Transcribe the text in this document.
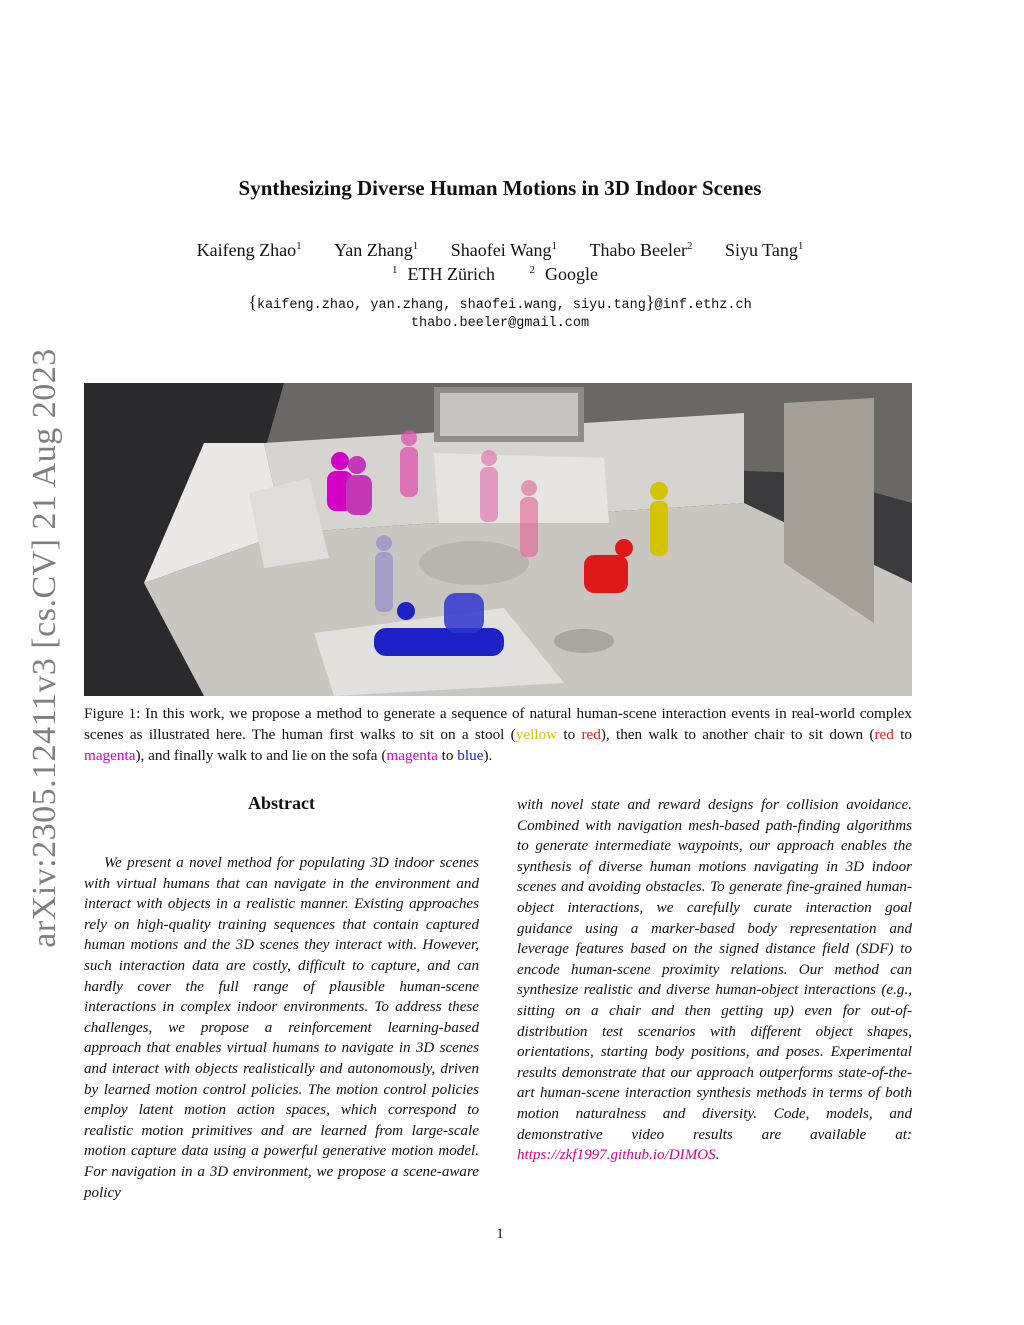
arXiv:2305.12411v3 [cs.CV] 21 Aug 2023
Synthesizing Diverse Human Motions in 3D Indoor Scenes
Kaifeng Zhao$^1$ Yan Zhang$^1$ Shaofei Wang$^1$ Thabo Beeler$^2$ Siyu Tang$^1$
$^1$ ETH Zürich	$^2$ Google
{kaifeng.zhao, yan.zhang, shaofei.wang, siyu.tang}@inf.ethz.ch
thabo.beeler@gmail.com
Figure 1: In this work, we propose a method to generate a sequence of natural human-scene interaction events in real-world complex scenes as illustrated here. The human first walks to sit on a stool (yellow to red), then walk to another chair to sit down (red to magenta), and finally walk to and lie on the sofa (magenta to blue).
Abstract
We present a novel method for populating 3D indoor scenes with virtual humans that can navigate in the environment and interact with objects in a realistic manner. Existing approaches rely on high-quality training sequences that contain captured human motions and the 3D scenes they interact with. However, such interaction data are costly, difficult to capture, and can hardly cover the full range of plausible human-scene interactions in complex indoor environments. To address these challenges, we propose a reinforcement learning-based approach that enables virtual humans to navigate in 3D scenes and interact with objects realistically and autonomously, driven by learned motion control policies. The motion control policies employ latent motion action spaces, which correspond to realistic motion primitives and are learned from large-scale motion capture data using a powerful generative motion model. For navigation in a 3D environment, we propose a scene-aware policy
with novel state and reward designs for collision avoidance. Combined with navigation mesh-based path-finding algorithms to generate intermediate waypoints, our approach enables the synthesis of diverse human motions navigating in 3D indoor scenes and avoiding obstacles. To generate fine-grained human-object interactions, we carefully curate interaction goal guidance using a marker-based body representation and leverage features based on the signed distance field (SDF) to encode human-scene proximity relations. Our method can synthesize realistic and diverse human-object interactions (e.g., sitting on a chair and then getting up) even for out-of-distribution test scenarios with different object shapes, orientations, starting body positions, and poses. Experimental results demonstrate that our approach outperforms state-of-the-art human-scene interaction synthesis methods in terms of both motion naturalness and diversity. Code, models, and demonstrative video results are available at: https://zkf1997.github.io/DIMOS.
1
